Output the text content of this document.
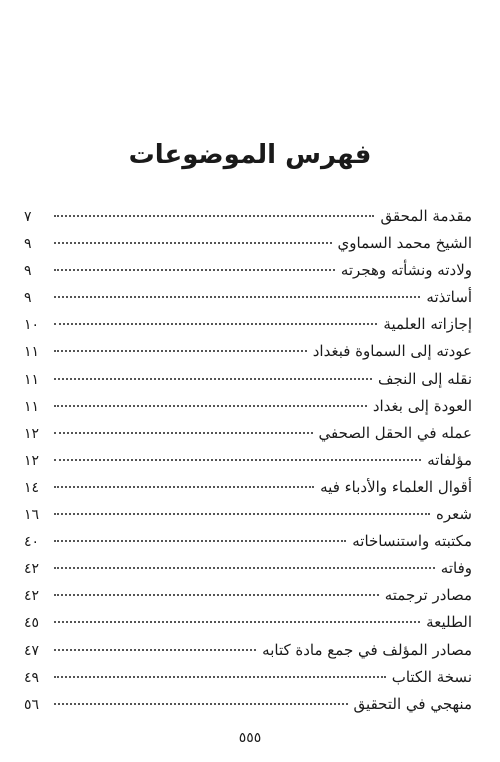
فهرس الموضوعات
مقدمة المحقق
٧
الشيخ محمد السماوي
٩
ولادته ونشأته وهجرته
٩
أساتذته
٩
إجازاته العلمية
١٠
عودته إلى السماوة فبغداد
١١
نقله إلى النجف
١١
العودة إلى بغداد
١١
عمله في الحقل الصحفي
١٢
مؤلفاته
١٢
أقوال العلماء والأدباء فيه
١٤
شعره
١٦
مكتبته واستنساخاته
٤٠
وفاته
٤٢
مصادر ترجمته
٤٢
الطليعة
٤٥
مصادر المؤلف في جمع مادة كتابه
٤٧
نسخة الكتاب
٤٩
منهجي في التحقيق
٥٦
٥٥٥
